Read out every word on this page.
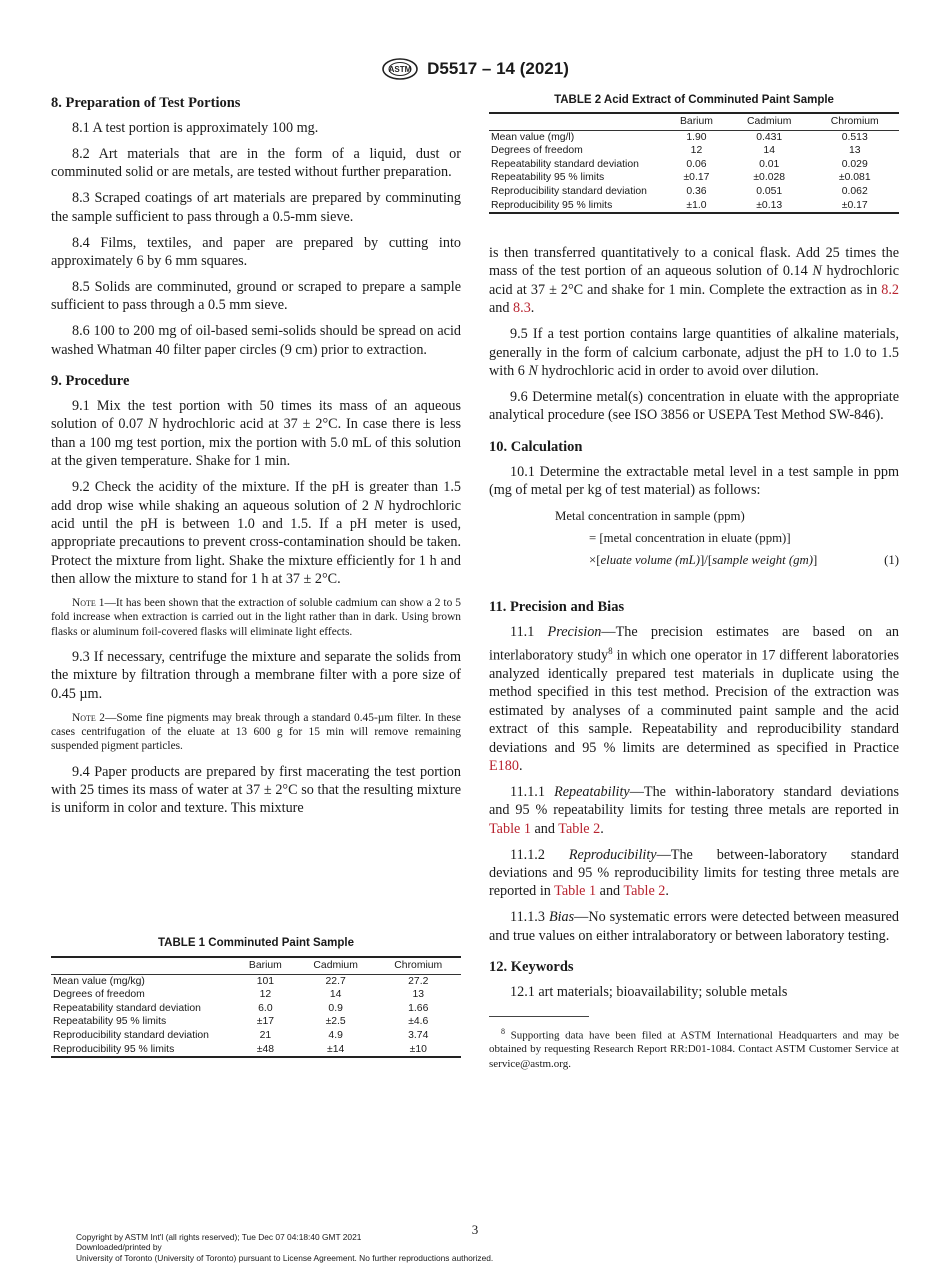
ASTM D5517 – 14 (2021)
TABLE 2 Acid Extract of Comminuted Paint Sample
	Barium	Cadmium	Chromium
Mean value (mg/l)	1.90	0.431	0.513
Degrees of freedom	12	14	13
Repeatability standard deviation	0.06	0.01	0.029
Repeatability 95 % limits	±0.17	±0.028	±0.081
Reproducibility standard deviation	0.36	0.051	0.062
Reproducibility 95 % limits	±1.0	±0.13	±0.17
8. Preparation of Test Portions

8.1 A test portion is approximately 100 mg.

8.2 Art materials that are in the form of a liquid, dust or comminuted solid or are metals, are tested without further preparation.

8.3 Scraped coatings of art materials are prepared by comminuting the sample sufficient to pass through a 0.5-mm sieve.

8.4 Films, textiles, and paper are prepared by cutting into approximately 6 by 6 mm squares.

8.5 Solids are comminuted, ground or scraped to prepare a sample sufficient to pass through a 0.5 mm sieve.

8.6 100 to 200 mg of oil-based semi-solids should be spread on acid washed Whatman 40 filter paper circles (9 cm) prior to extraction.

9. Procedure

9.1 Mix the test portion with 50 times its mass of an aqueous solution of 0.07 N hydrochloric acid at 37 ± 2°C. In case there is less than a 100 mg test portion, mix the portion with 5.0 mL of this solution at the given temperature. Shake for 1 min.

9.2 Check the acidity of the mixture. If the pH is greater than 1.5 add drop wise while shaking an aqueous solution of 2 N hydrochloric acid until the pH is between 1.0 and 1.5. If a pH meter is used, appropriate precautions to prevent cross-contamination should be taken. Protect the mixture from light. Shake the mixture efficiently for 1 h and then allow the mixture to stand for 1 h at 37 ± 2°C.

Note 1—It has been shown that the extraction of soluble cadmium can show a 2 to 5 fold increase when extraction is carried out in the light rather than in dark. Using brown flasks or aluminum foil-covered flasks will eliminate light effects.

9.3 If necessary, centrifuge the mixture and separate the solids from the mixture by filtration through a membrane filter with a pore size of 0.45 µm.

Note 2—Some fine pigments may break through a standard 0.45-µm filter. In these cases centrifugation of the eluate at 13 600 g for 15 min will remove remaining suspended pigment particles.

9.4 Paper products are prepared by first macerating the test portion with 25 times its mass of water at 37 ± 2°C so that the resulting mixture is uniform in color and texture. This mixture

TABLE 1 Comminuted Paint Sample
	Barium	Cadmium	Chromium
Mean value (mg/kg)	101	22.7	27.2
Degrees of freedom	12	14	13
Repeatability standard deviation	6.0	0.9	1.66
Repeatability 95 % limits	±17	±2.5	±4.6
Reproducibility standard deviation	21	4.9	3.74
Reproducibility 95 % limits	±48	±14	±10

is then transferred quantitatively to a conical flask. Add 25 times the mass of the test portion of an aqueous solution of 0.14 N hydrochloric acid at 37 ± 2°C and shake for 1 min. Complete the extraction as in 8.2 and 8.3.

9.5 If a test portion contains large quantities of alkaline materials, generally in the form of calcium carbonate, adjust the pH to 1.0 to 1.5 with 6 N hydrochloric acid in order to avoid over dilution.

9.6 Determine metal(s) concentration in eluate with the appropriate analytical procedure (see ISO 3856 or USEPA Test Method SW-846).

10. Calculation

10.1 Determine the extractable metal level in a test sample in ppm (mg of metal per kg of test material) as follows:

Metal concentration in sample (ppm)
= [metal concentration in eluate (ppm)]
×[eluate volume (mL)]/[sample weight (gm)]	(1)
11. Precision and Bias

11.1 Precision—The precision estimates are based on an interlaboratory study$^8$ in which one operator in 17 different laboratories analyzed identically prepared test materials in duplicate using the method specified in this test method. Precision of the extraction was estimated by analyses of a comminuted paint sample and the acid extract of this sample. Repeatability and reproducibility standard deviations and 95 % limits are determined as specified in Practice E180.

11.1.1 Repeatability—The within-laboratory standard deviations and 95 % repeatability limits for testing three metals are reported in Table 1 and Table 2.

11.1.2 Reproducibility—The between-laboratory standard deviations and 95 % reproducibility limits for testing three metals are reported in Table 1 and Table 2.

11.1.3 Bias—No systematic errors were detected between measured and true values on either intralaboratory or between laboratory testing.

12. Keywords

12.1 art materials; bioavailability; soluble metals

$^8$ Supporting data have been filed at ASTM International Headquarters and may be obtained by requesting Research Report RR:D01-1084. Contact ASTM Customer Service at service@astm.org.
3
Copyright by ASTM Int'l (all rights reserved); Tue Dec 07 04:18:40 GMT 2021
Downloaded/printed by
University of Toronto (University of Toronto) pursuant to License Agreement. No further reproductions authorized.
